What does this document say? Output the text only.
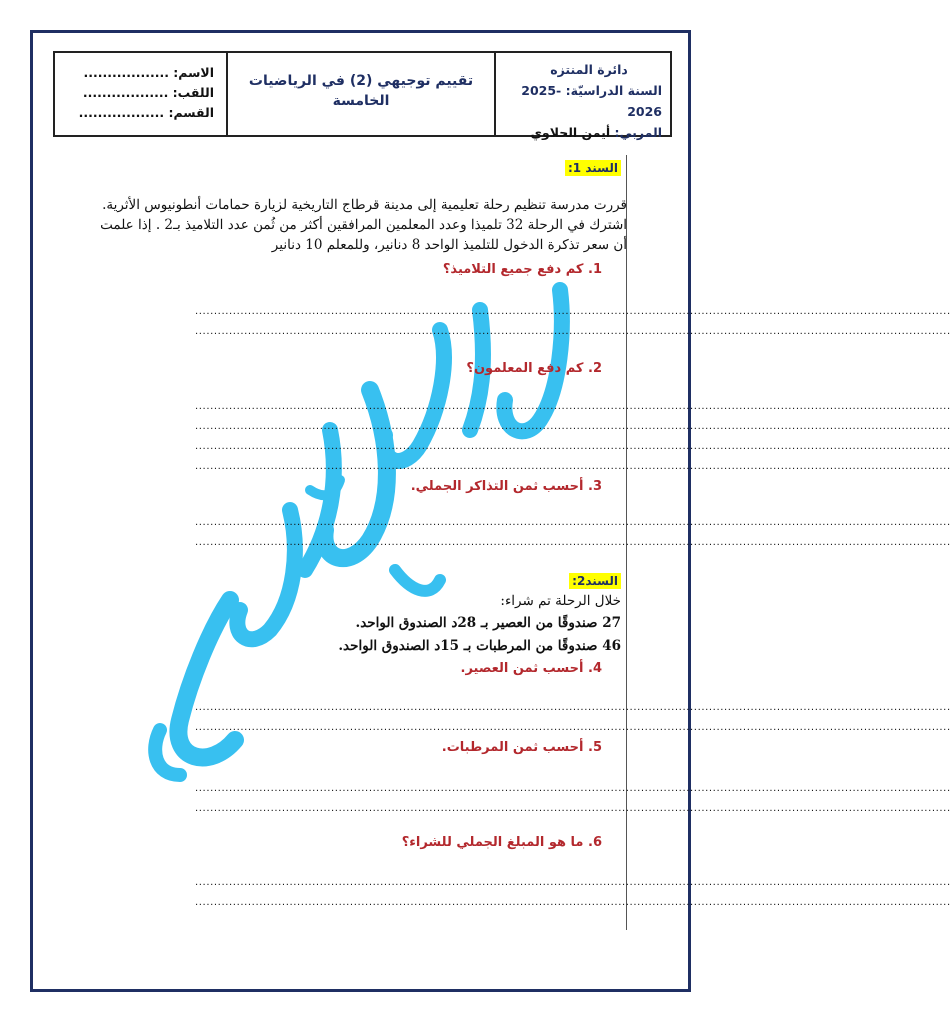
دائرة المنتزه
السنة الدراسيّة: 2025-2026
المربي: أيمن الحلاوي
تقييم توجيهي (2) في الرياضيات
الخامسة
الاسم: ..................
اللقب: ..................
القسم: ..................
السند 1:
قررت مدرسة تنظيم رحلة تعليمية إلى مدينة قرطاج التاريخية لزيارة حمامات أنطونيوس الأثرية.
اشترك في الرحلة 32 تلميذا وعدد المعلمين المرافقين أكثر من ثُمن عدد التلاميذ بـ2 . إذا علمت
أن سعر تذكرة الدخول للتلميذ الواحد 8 دنانير، وللمعلم 10 دنانير
1. كم دفع جميع التلاميذ؟
........................................................................................................................................................................................................
........................................................................................................................................................................................................
2. كم دفع المعلمون؟
........................................................................................................................................................................................................
........................................................................................................................................................................................................
........................................................................................................................................................................................................
........................................................................................................................................................................................................
3. أحسب ثمن التذاكر الجملي.
........................................................................................................................................................................................................
........................................................................................................................................................................................................
السند2:
خلال الرحلة تم شراء:
27 صندوقًا من العصير بـ 28د الصندوق الواحد.
46 صندوقًا من المرطبات بـ 15د الصندوق الواحد.
4. أحسب ثمن العصير.
........................................................................................................................................................................................................
........................................................................................................................................................................................................
5. أحسب ثمن المرطبات.
........................................................................................................................................................................................................
........................................................................................................................................................................................................
6. ما هو المبلغ الجملي للشراء؟
........................................................................................................................................................................................................
........................................................................................................................................................................................................
